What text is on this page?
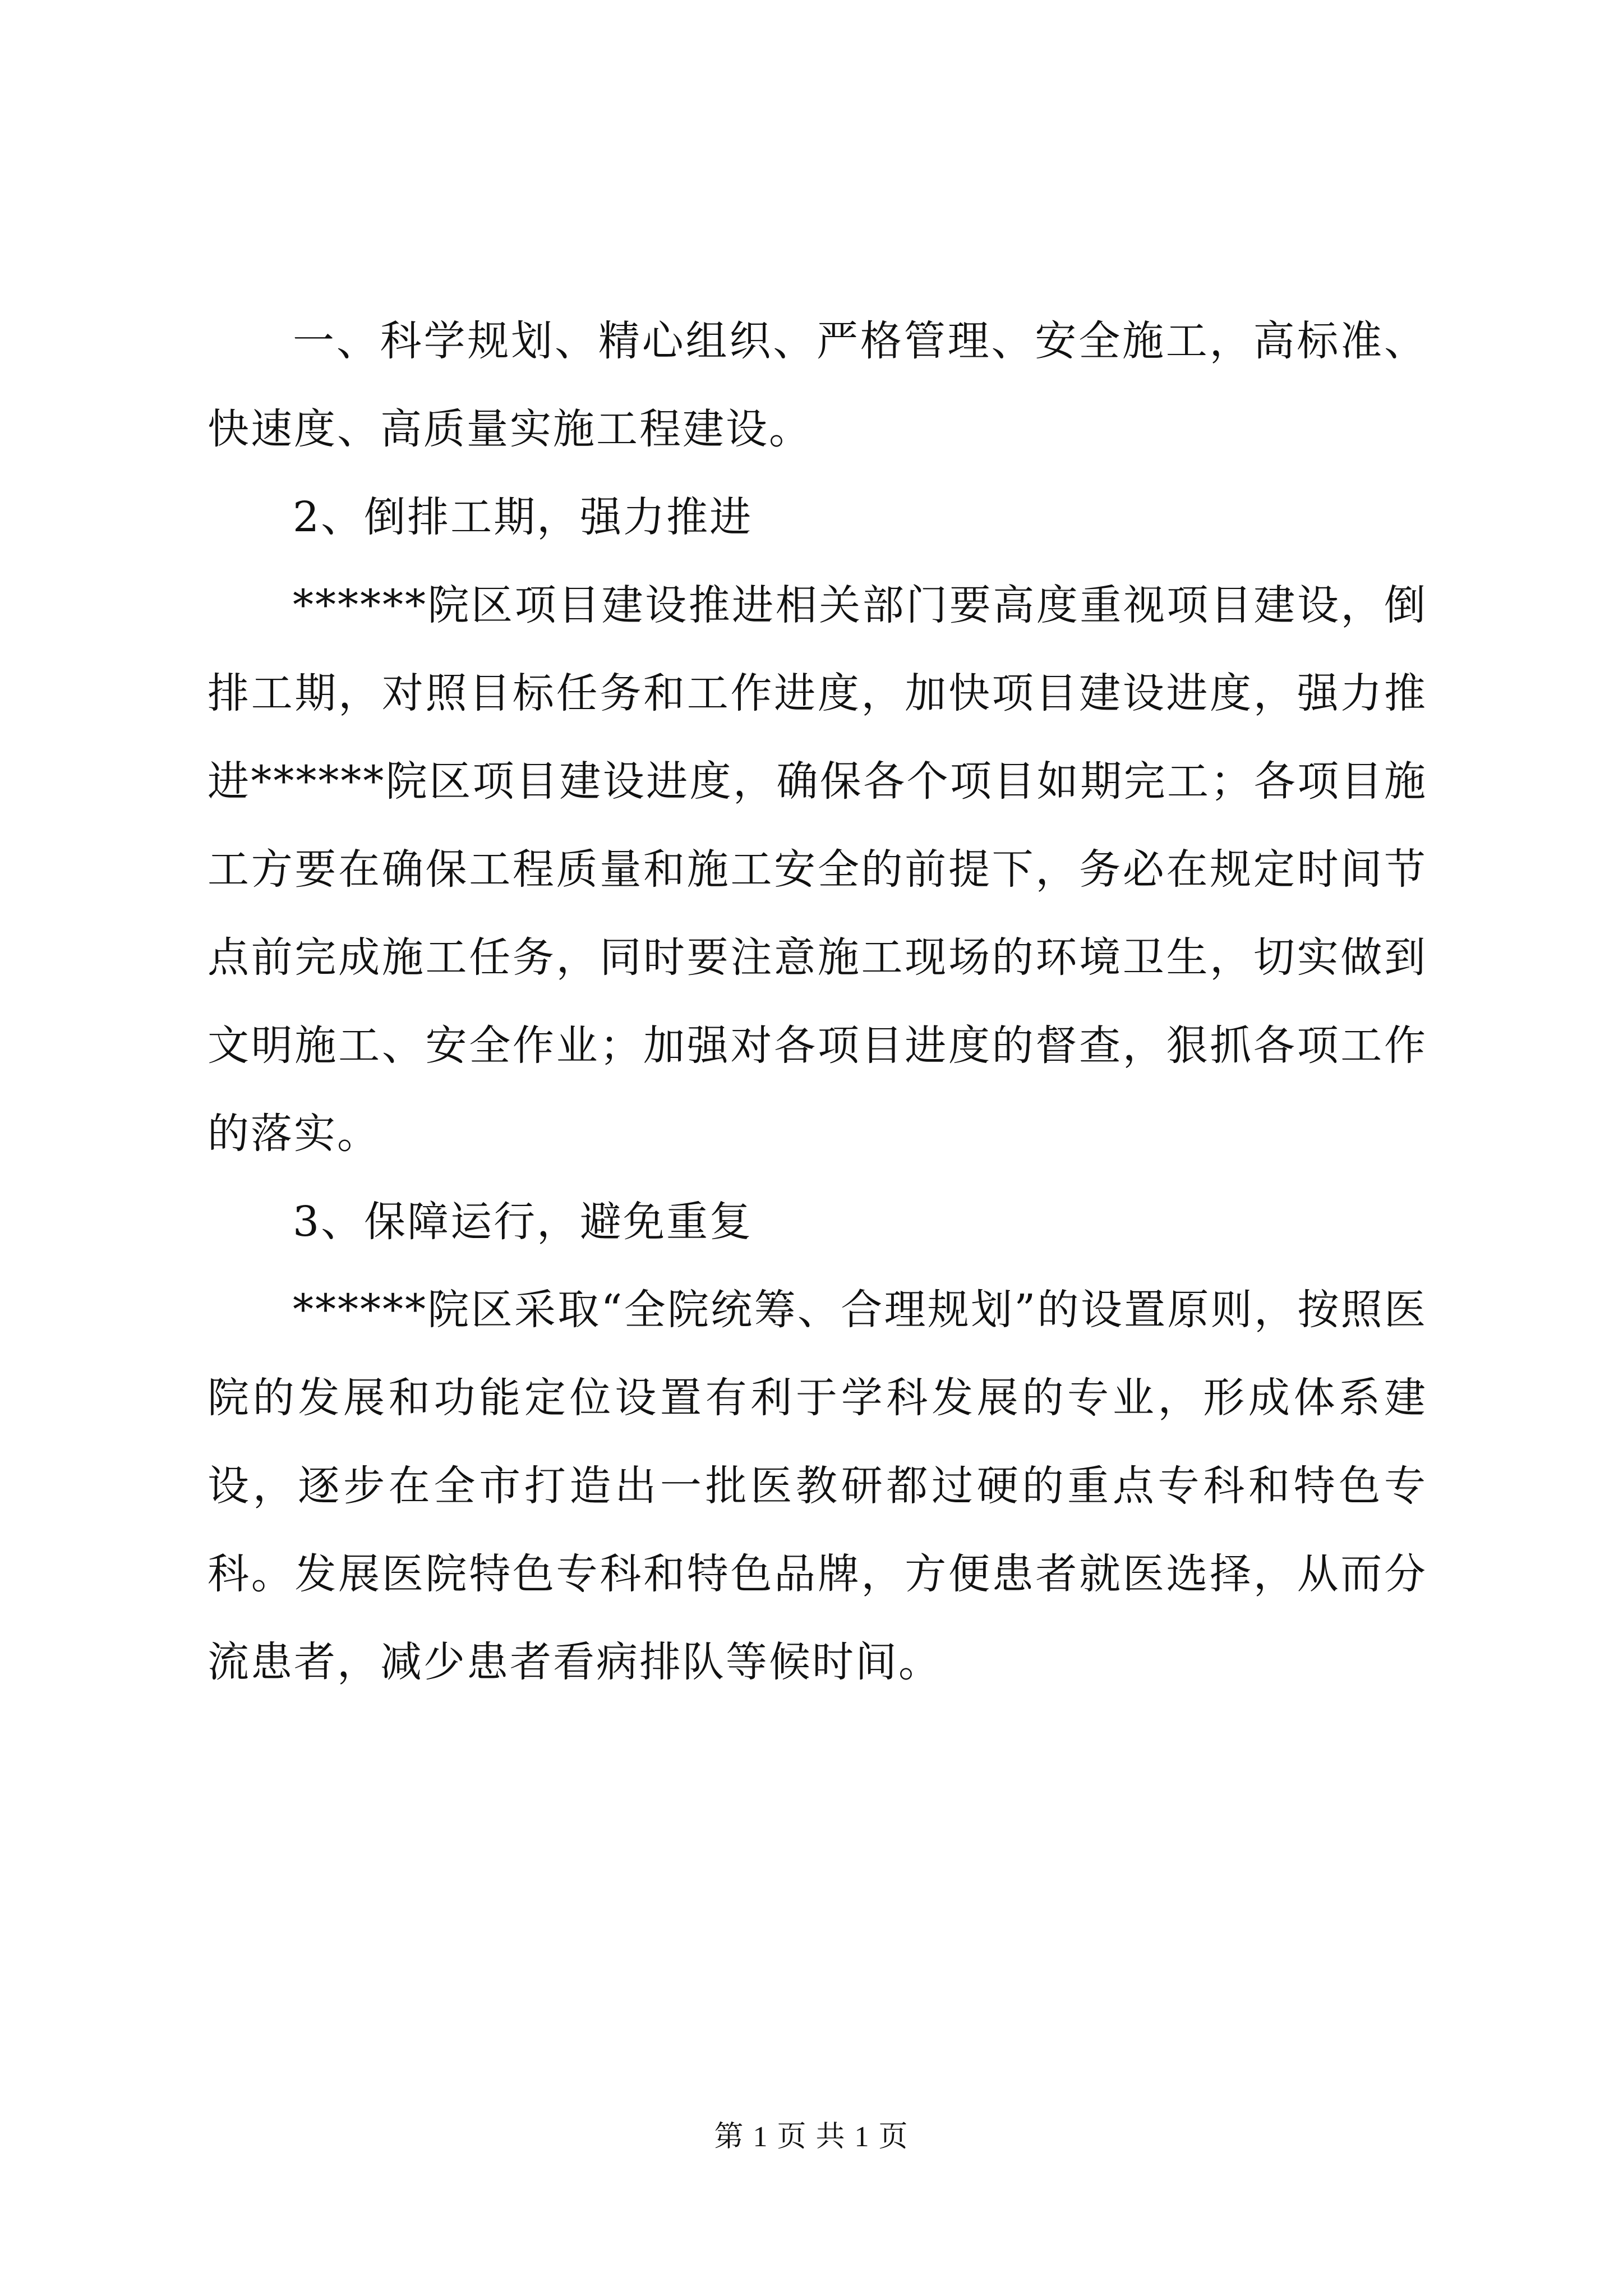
一、科学规划、精心组织、严格管理、安全施工，高标准、快速度、高质量实施工程建设。

2、倒排工期，强力推进

******院区项目建设推进相关部门要高度重视项目建设，倒排工期，对照目标任务和工作进度，加快项目建设进度，强力推进******院区项目建设进度，确保各个项目如期完工；各项目施工方要在确保工程质量和施工安全的前提下，务必在规定时间节点前完成施工任务，同时要注意施工现场的环境卫生，切实做到文明施工、安全作业；加强对各项目进度的督查，狠抓各项工作的落实。

3、保障运行，避免重复

******院区采取“全院统筹、合理规划”的设置原则，按照医院的发展和功能定位设置有利于学科发展的专业，形成体系建设，逐步在全市打造出一批医教研都过硬的重点专科和特色专科。发展医院特色专科和特色品牌，方便患者就医选择，从而分流患者，减少患者看病排队等候时间。

第 1 页 共 1 页
